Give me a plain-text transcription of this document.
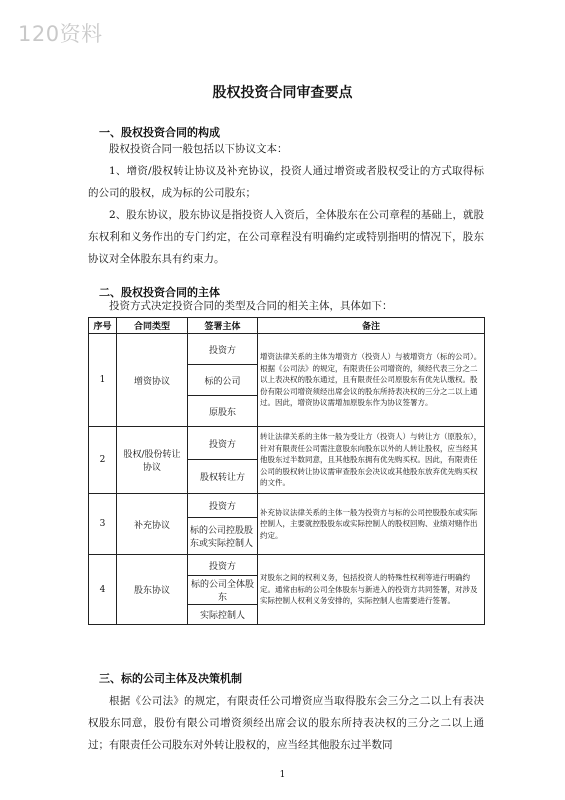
120资料
股权投资合同审查要点
一、股权投资合同的构成
股权投资合同一般包括以下协议文本：
1、增资/股权转让协议及补充协议，投资人通过增资或者股权受让的方式取得标的公司的股权，成为标的公司股东；
2、股东协议，股东协议是指投资人入资后，全体股东在公司章程的基础上，就股东权利和义务作出的专门约定，在公司章程没有明确约定或特别指明的情况下，股东协议对全体股东具有约束力。
二、股权投资合同的主体
投资方式决定投资合同的类型及合同的相关主体，具体如下：
序号	合同类型	签署主体	备注
1	增资协议	投资方	增资法律关系的主体为增资方（投资人）与被增资方（标的公司）。根据《公司法》的规定，有限责任公司增资的，须经代表三分之二以上表决权的股东通过，且有限责任公司原股东有优先认缴权。股份有限公司增资须经出席会议的股东所持表决权的三分之二以上通过。因此，增资协议需增加原股东作为协议签署方。
		标的公司	
		原股东	
2	股权/股份转让协议	投资方	转让法律关系的主体一般为受让方（投资人）与转让方（原股东），针对有限责任公司需注意股东向股东以外的人转让股权，应当经其他股东过半数同意，且其他股东拥有优先购买权。因此，有限责任公司的股权转让协议需审查股东会决议或其他股东放弃优先购买权的文件。
		股权转让方	
3	补充协议	投资方	补充协议法律关系的主体一般为投资方与标的公司控股股东或实际控制人，主要就控股股东或实际控制人的股权回购、业绩对赌作出约定。
		标的公司控股股东或实际控制人	
4	股东协议	投资方	对股东之间的权利义务，包括投资人的特殊性权利等进行明确约定。通常由标的公司全体股东与新进入的投资方共同签署，对涉及实际控制人权利义务安排的，实际控制人也需要进行签署。
		标的公司全体股东	
		实际控制人	
三、标的公司主体及决策机制
根据《公司法》的规定，有限责任公司增资应当取得股东会三分之二以上有表决权股东同意，股份有限公司增资须经出席会议的股东所持表决权的三分之二以上通过；有限责任公司股东对外转让股权的，应当经其他股东过半数同
1
